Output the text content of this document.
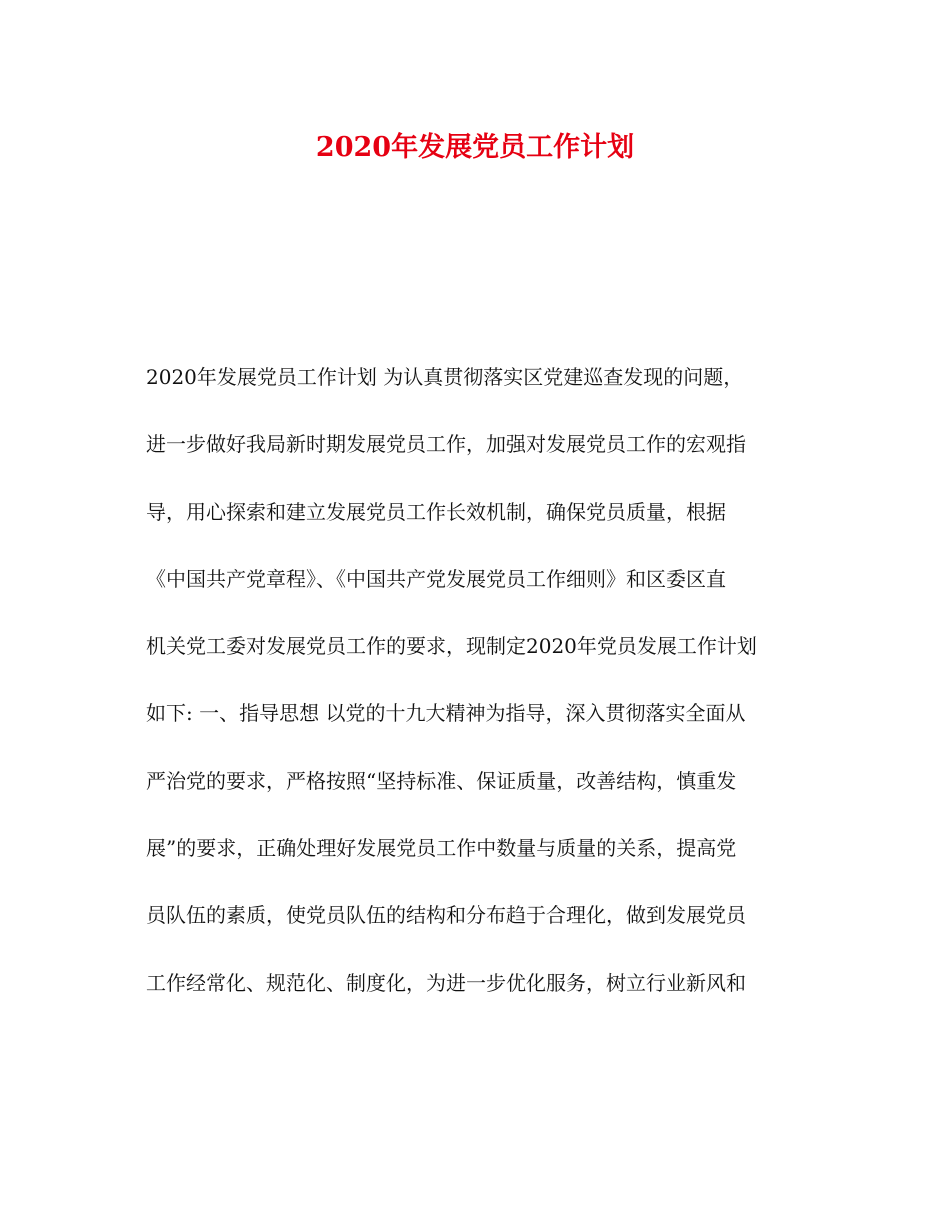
2020年发展党员工作计划
2020年发展党员工作计划 为认真贯彻落实区党建巡查发现的问题，
进一步做好我局新时期发展党员工作，加强对发展党员工作的宏观指
导，用心探索和建立发展党员工作长效机制，确保党员质量，根据
《中国共产党章程》、《中国共产党发展党员工作细则》和区委区直
机关党工委对发展党员工作的要求，现制定2020年党员发展工作计划
如下: 一、指导思想 以党的十九大精神为指导，深入贯彻落实全面从
严治党的要求，严格按照“坚持标准、保证质量，改善结构，慎重发
展”的要求，正确处理好发展党员工作中数量与质量的关系，提高党
员队伍的素质，使党员队伍的结构和分布趋于合理化，做到发展党员
工作经常化、规范化、制度化，为进一步优化服务，树立行业新风和
